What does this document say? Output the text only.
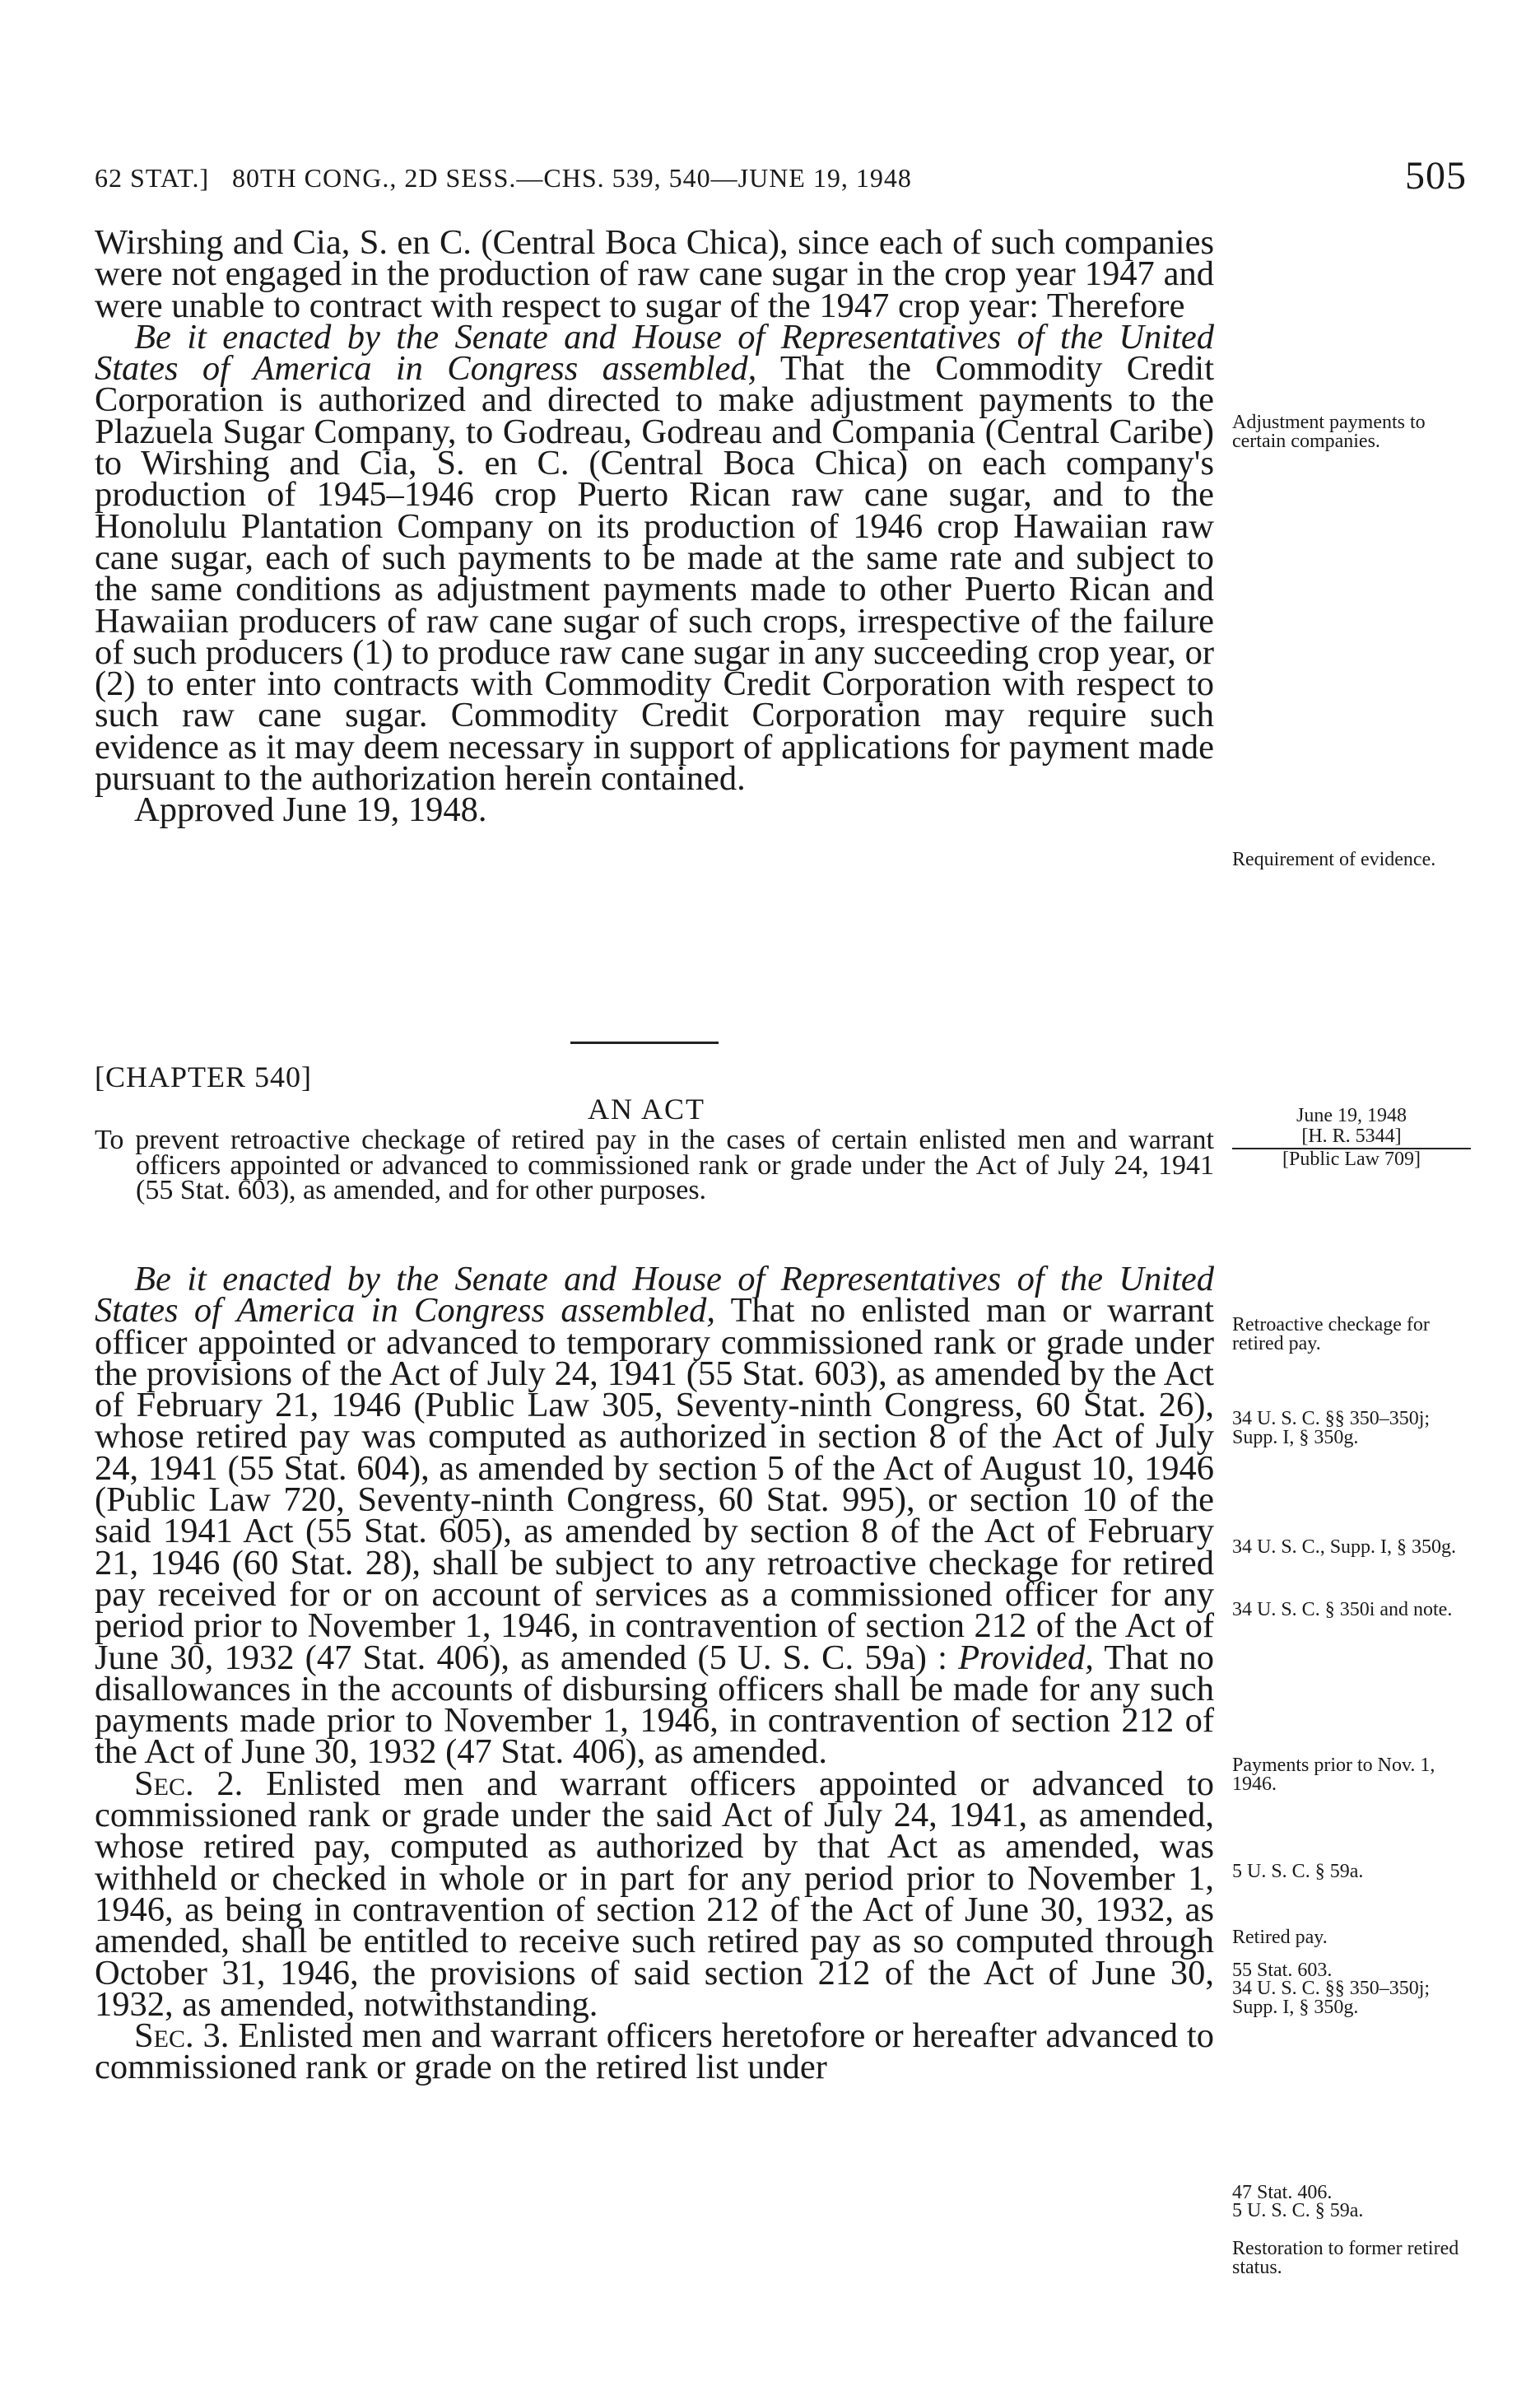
62 STAT.] 80TH CONG., 2D SESS.—CHS. 539, 540—JUNE 19, 1948	505

Wirshing and Cia, S. en C. (Central Boca Chica), since each of such companies were not engaged in the production of raw cane sugar in the crop year 1947 and were unable to contract with respect to sugar of the 1947 crop year: Therefore

Be it enacted by the Senate and House of Representatives of the United States of America in Congress assembled, That the Commodity Credit Corporation is authorized and directed to make adjustment payments to the Plazuela Sugar Company, to Godreau, Godreau and Compania (Central Caribe) to Wirshing and Cia, S. en C. (Central Boca Chica) on each company's production of 1945–1946 crop Puerto Rican raw cane sugar, and to the Honolulu Plantation Company on its production of 1946 crop Hawaiian raw cane sugar, each of such payments to be made at the same rate and subject to the same conditions as adjustment payments made to other Puerto Rican and Hawaiian producers of raw cane sugar of such crops, irrespective of the failure of such producers (1) to produce raw cane sugar in any succeeding crop year, or (2) to enter into contracts with Commodity Credit Corporation with respect to such raw cane sugar. Commodity Credit Corporation may require such evidence as it may deem necessary in support of applications for payment made pursuant to the authorization herein contained.

Approved June 19, 1948.

Adjustment payments to certain companies.
Requirement of evidence.
[CHAPTER 540]
AN ACT

To prevent retroactive checkage of retired pay in the cases of certain enlisted men and warrant officers appointed or advanced to commissioned rank or grade under the Act of July 24, 1941 (55 Stat. 603), as amended, and for other purposes.

June 19, 1948
[H. R. 5344]
[Public Law 709]

Be it enacted by the Senate and House of Representatives of the United States of America in Congress assembled, That no enlisted man or warrant officer appointed or advanced to temporary commissioned rank or grade under the provisions of the Act of July 24, 1941 (55 Stat. 603), as amended by the Act of February 21, 1946 (Public Law 305, Seventy-ninth Congress, 60 Stat. 26), whose retired pay was computed as authorized in section 8 of the Act of July 24, 1941 (55 Stat. 604), as amended by section 5 of the Act of August 10, 1946 (Public Law 720, Seventy-ninth Congress, 60 Stat. 995), or section 10 of the said 1941 Act (55 Stat. 605), as amended by section 8 of the Act of February 21, 1946 (60 Stat. 28), shall be subject to any retroactive checkage for retired pay received for or on account of services as a commissioned officer for any period prior to November 1, 1946, in contravention of section 212 of the Act of June 30, 1932 (47 Stat. 406), as amended (5 U. S. C. 59a) : Provided, That no disallowances in the accounts of disbursing officers shall be made for any such payments made prior to November 1, 1946, in contravention of section 212 of the Act of June 30, 1932 (47 Stat. 406), as amended.

Sec. 2. Enlisted men and warrant officers appointed or advanced to commissioned rank or grade under the said Act of July 24, 1941, as amended, whose retired pay, computed as authorized by that Act as amended, was withheld or checked in whole or in part for any period prior to November 1, 1946, as being in contravention of section 212 of the Act of June 30, 1932, as amended, shall be entitled to receive such retired pay as so computed through October 31, 1946, the provisions of said section 212 of the Act of June 30, 1932, as amended, notwithstanding.

Sec. 3. Enlisted men and warrant officers heretofore or hereafter advanced to commissioned rank or grade on the retired list under

Retroactive checkage for retired pay.
34 U. S. C. §§ 350–350j; Supp. I, § 350g.
34 U. S. C., Supp. I, § 350g.
34 U. S. C. § 350i and note.
Payments prior to Nov. 1, 1946.
5 U. S. C. § 59a.
Retired pay.
55 Stat. 603.
34 U. S. C. §§ 350–350j; Supp. I, § 350g.
47 Stat. 406.
5 U. S. C. § 59a.
Restoration to former retired status.
